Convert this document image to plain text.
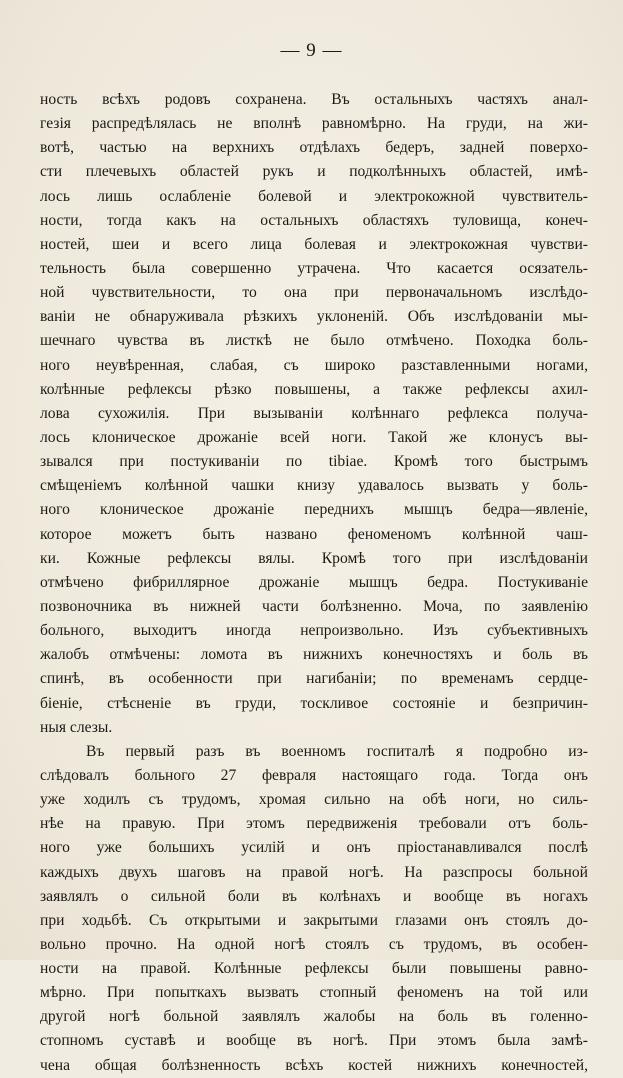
— 9 —
ность всѣхъ родовъ сохранена. Въ остальныхъ частяхъ анал-
гезія распредѣлялась не вполнѣ равномѣрно. На груди, на жи-
вотѣ, частью на верхнихъ отдѣлахъ бедеръ, задней поверхо-
сти плечевыхъ областей рукъ и подколѣнныхъ областей, имѣ-
лось лишь ослабленіе болевой и электрокожной чувствитель-
ности, тогда какъ на остальныхъ областяхъ туловища, конеч-
ностей, шеи и всего лица болевая и электрокожная чувстви-
тельность была совершенно утрачена. Что касается осязатель-
ной чувствительности, то она при первоначальномъ изслѣдо-
ваніи не обнаруживала рѣзкихъ уклоненій. Объ изслѣдованіи мы-
шечнаго чувства въ листкѣ не было отмѣчено. Походка боль-
ного неувѣренная, слабая, съ широко разставленными ногами,
колѣнные рефлексы рѣзко повышены, а также рефлексы ахил-
лова сухожилія. При вызываніи колѣннаго рефлекса получа-
лось клоническое дрожаніе всей ноги. Такой же клонусъ вы-
зывался при постукиваніи по tibiae. Кромѣ того быстрымъ
смѣщеніемъ колѣнной чашки книзу удавалось вызвать у боль-
ного клоническое дрожаніе переднихъ мышцъ бедра—явленіе,
которое можетъ быть названо феноменомъ колѣнной чаш-
ки. Кожные рефлексы вялы. Кромѣ того при изслѣдованіи
отмѣчено фибриллярное дрожаніе мышцъ бедра. Постукиваніе
позвоночника въ нижней части болѣзненно. Моча, по заявленію
больного, выходитъ иногда непроизвольно. Изъ субъективныхъ
жалобъ отмѣчены: ломота въ нижнихъ конечностяхъ и боль въ
спинѣ, въ особенности при нагибаніи; по временамъ сердце-
біеніе, стѣсненіе въ груди, тоскливое состояніе и безпричин-
ныя слезы.
Въ первый разъ въ военномъ госпиталѣ я подробно из-
слѣдовалъ больного 27 февраля настоящаго года. Тогда онъ
уже ходилъ съ трудомъ, хромая сильно на обѣ ноги, но силь-
нѣе на правую. При этомъ передвиженія требовали отъ боль-
ного уже большихъ усилій и онъ пріостанавливался послѣ
каждыхъ двухъ шаговъ на правой ногѣ. На разспросы больной
заявлялъ о сильной боли въ колѣнахъ и вообще въ ногахъ
при ходьбѣ. Съ открытыми и закрытыми глазами онъ стоялъ до-
вольно прочно. На одной ногѣ стоялъ съ трудомъ, въ особен-
ности на правой. Колѣнные рефлексы были повышены равно-
мѣрно. При попыткахъ вызвать стопный феноменъ на той или
другой ногѣ больной заявлялъ жалобы на боль въ голенно-
стопномъ суставѣ и вообще въ ногѣ. При этомъ была замѣ-
чена общая болѣзненность всѣхъ костей нижнихъ конечностей,
